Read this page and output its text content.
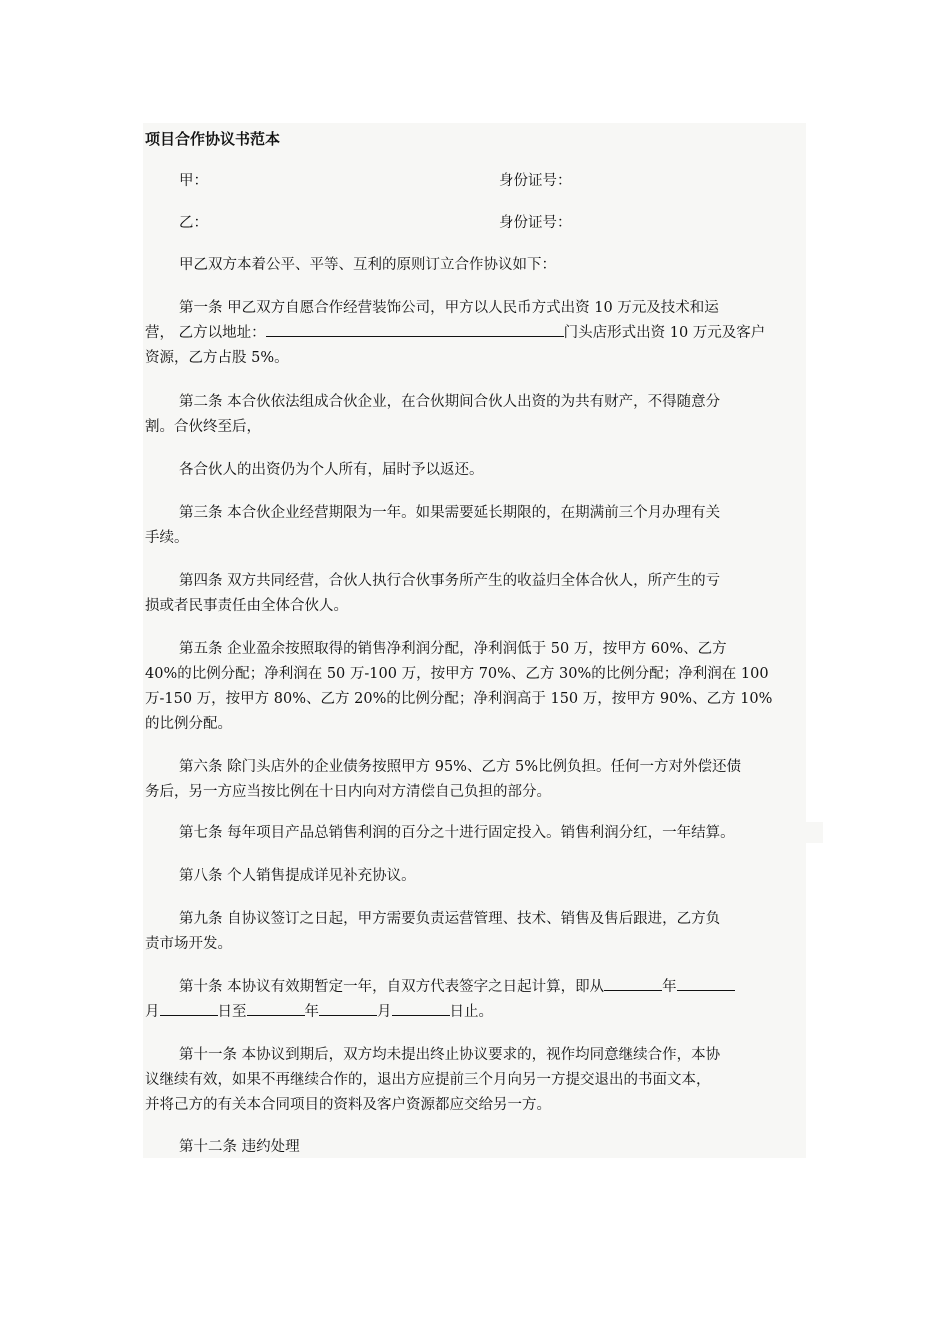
项目合作协议书范本
甲：	身份证号：
乙：	身份证号：
甲乙双方本着公平、平等、互利的原则订立合作协议如下：
第一条 甲乙双方自愿合作经营装饰公司，甲方以人民币方式出资 10 万元及技术和运
营， 乙方以地址：	门头店形式出资 10 万元及客户
资源，乙方占股 5%。
第二条 本合伙依法组成合伙企业，在合伙期间合伙人出资的为共有财产，不得随意分
割。合伙终至后，
各合伙人的出资仍为个人所有，届时予以返还。
第三条 本合伙企业经营期限为一年。如果需要延长期限的，在期满前三个月办理有关
手续。
第四条 双方共同经营，合伙人执行合伙事务所产生的收益归全体合伙人，所产生的亏
损或者民事责任由全体合伙人。
第五条 企业盈余按照取得的销售净利润分配，净利润低于 50 万，按甲方 60%、乙方
40%的比例分配；净利润在 50 万-100 万，按甲方 70%、乙方 30%的比例分配；净利润在 100
万-150 万，按甲方 80%、乙方 20%的比例分配；净利润高于 150 万，按甲方 90%、乙方 10%
的比例分配。
第六条 除门头店外的企业债务按照甲方 95%、乙方 5%比例负担。任何一方对外偿还债
务后，另一方应当按比例在十日内向对方清偿自己负担的部分。
第七条 每年项目产品总销售利润的百分之十进行固定投入。销售利润分红，一年结算。
第八条 个人销售提成详见补充协议。
第九条 自协议签订之日起，甲方需要负责运营管理、技术、销售及售后跟进，乙方负
责市场开发。
第十条 本协议有效期暂定一年，自双方代表签字之日起计算，即从	年
月	日至	年	月	日止。
第十一条 本协议到期后，双方均未提出终止协议要求的，视作均同意继续合作，本协
议继续有效，如果不再继续合作的，退出方应提前三个月向另一方提交退出的书面文本，
并将己方的有关本合同项目的资料及客户资源都应交给另一方。
第十二条 违约处理
